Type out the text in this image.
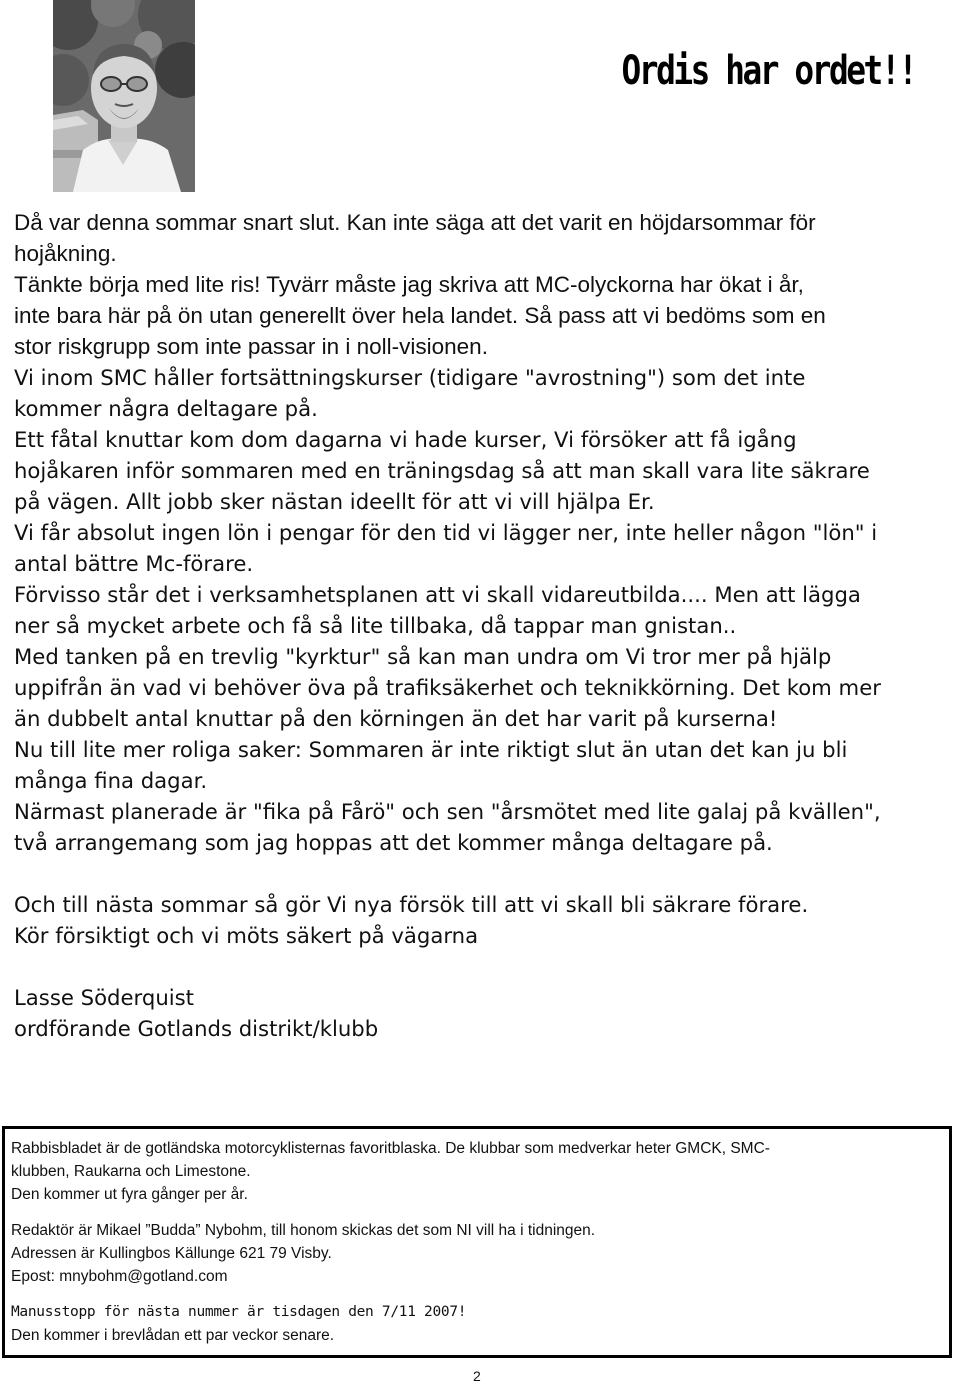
Ordis har ordet!!
Då var denna sommar snart slut. Kan inte säga att det varit en höjdarsommar för
hojåkning.
Tänkte börja med lite ris! Tyvärr måste jag skriva att MC-olyckorna har ökat i år,
inte bara här på ön utan generellt över hela landet. Så pass att vi bedöms som en
stor riskgrupp som inte passar in i noll-visionen.
Vi inom SMC håller fortsättningskurser (tidigare "avrostning") som det inte
kommer några deltagare på.
Ett fåtal knuttar kom dom dagarna vi hade kurser, Vi försöker att få igång
hojåkaren inför sommaren med en träningsdag så att man skall vara lite säkrare
på vägen. Allt jobb sker nästan ideellt för att vi vill hjälpa Er.
Vi får absolut ingen lön i pengar för den tid vi lägger ner, inte heller någon "lön" i
antal bättre Mc-förare.
Förvisso står det i verksamhetsplanen att vi skall vidareutbilda.... Men att lägga
ner så mycket arbete och få så lite tillbaka, då tappar man gnistan..
Med tanken på en trevlig "kyrktur" så kan man undra om Vi tror mer på hjälp
uppifrån än vad vi behöver öva på trafiksäkerhet och teknikkörning. Det kom mer
än dubbelt antal knuttar på den körningen än det har varit på kurserna!
Nu till lite mer roliga saker: Sommaren är inte riktigt slut än utan det kan ju bli
många fina dagar.
Närmast planerade är "fika på Fårö" och sen "årsmötet med lite galaj på kvällen",
två arrangemang som jag hoppas att det kommer många deltagare på.
Och till nästa sommar så gör Vi nya försök till att vi skall bli säkrare förare.
Kör försiktigt och vi möts säkert på vägarna
Lasse Söderquist
ordförande Gotlands distrikt/klubb
Rabbisbladet är de gotländska motorcyklisternas favoritblaska. De klubbar som medverkar heter GMCK, SMC-
klubben, Raukarna och Limestone.
Den kommer ut fyra gånger per år.
Redaktör är Mikael ”Budda” Nybohm, till honom skickas det som NI vill ha i tidningen.
Adressen är Kullingbos Källunge 621 79 Visby.
Epost: mnybohm@gotland.com
Manusstopp för nästa nummer är tisdagen den 7/11 2007!
Den kommer i brevlådan ett par veckor senare.
2
